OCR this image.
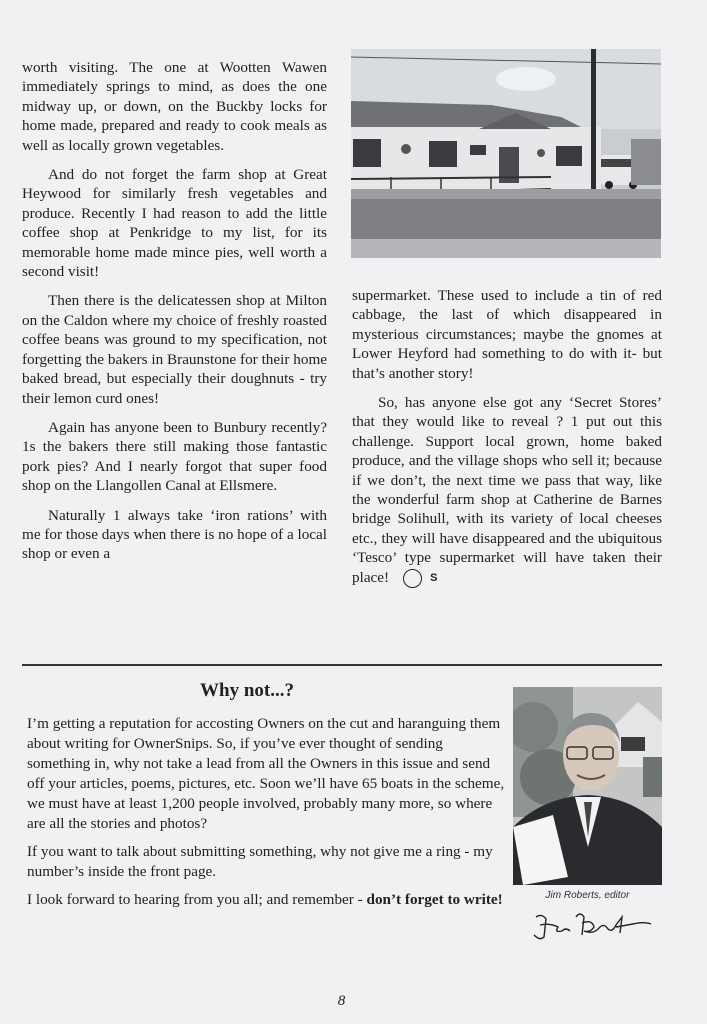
worth visiting. The one at Wootten Wawen immediately springs to mind, as does the one midway up, or down, on the Buckby locks for home made, prepared and ready to cook meals as well as locally grown vegetables.

And do not forget the farm shop at Great Heywood for similarly fresh vegetables and produce. Recently I had reason to add the little coffee shop at Penkridge to my list, for its memorable home made mince pies, well worth a second visit!

Then there is the delicatessen shop at Milton on the Caldon where my choice of freshly roasted coffee beans was ground to my specification, not forgetting the bakers in Braunstone for their home baked bread, but especially their doughnuts - try their lemon curd ones!

Again has anyone been to Bunbury recently? 1s the bakers there still making those fantastic pork pies? And I nearly forgot that super food shop on the Llangollen Canal at Ellsmere.

Naturally 1 always take ‘iron rations’ with me for those days when there is no hope of a local shop or even a

supermarket. These used to include a tin of red cabbage, the last of which disappeared in mysterious circumstances; maybe the gnomes at Lower Heyford had something to do with it- but that’s another story!

So, has anyone else got any ‘Secret Stores’ that they would like to reveal ? 1 put out this challenge. Support local grown, home baked produce, and the village shops who sell it; because if we don’t, the next time we pass that way, like the wonderful farm shop at Catherine de Barnes bridge Solihull, with its variety of local cheeses etc., they will have disappeared and the ubiquitous ‘Tesco’ type supermarket will have taken their place!	S

Why not...?

I’m getting a reputation for accosting Owners on the cut and haranguing them about writing for OwnerSnips. So, if you’ve ever thought of sending something in, why not take a lead from all the Owners in this issue and send off your articles, poems, pictures, etc. Soon we’ll have 65 boats in the scheme, we must have at least 1,200 people involved, probably many more, so where are all the stories and photos?

If you want to talk about submitting something, why not give me a ring - my number’s inside the front page.

I look forward to hearing from you all; and remember - don’t forget to write!	Jim Roberts, editor
8
